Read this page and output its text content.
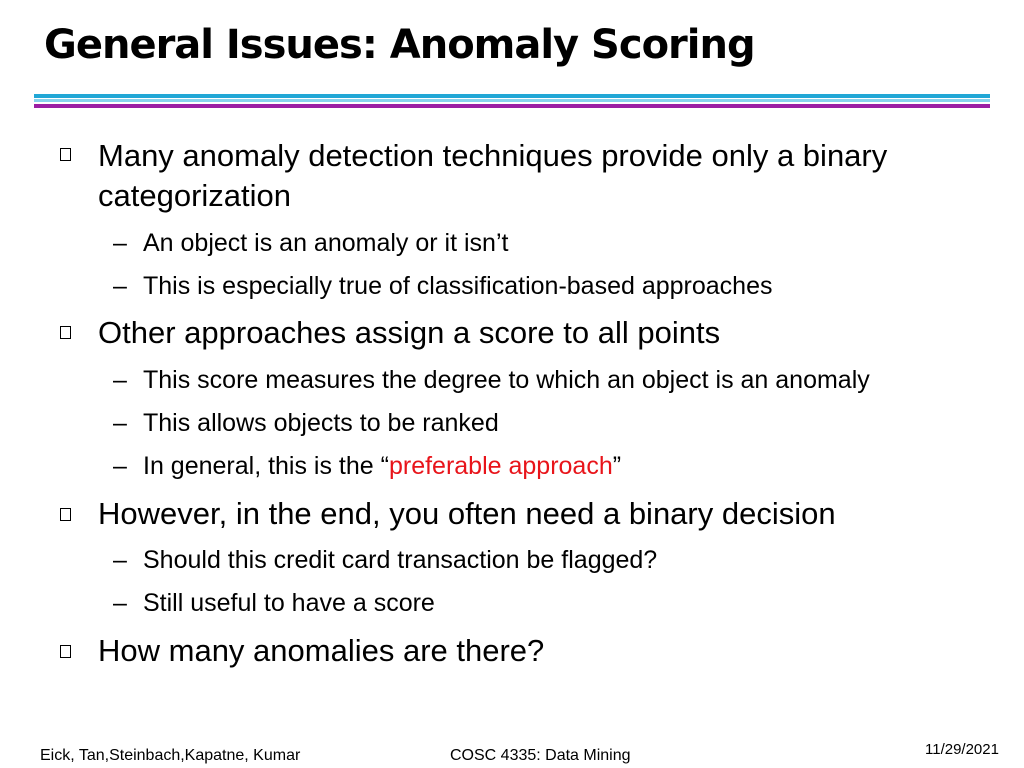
General Issues: Anomaly Scoring
Many anomaly detection techniques provide only a binary categorization
– An object is an anomaly or it isn’t
– This is especially true of classification-based approaches
Other approaches assign a score to all points
– This score measures the degree to which an object is an anomaly
– This allows objects to be ranked
– In general, this is the “preferable approach”
However, in the end, you often need a binary decision
– Should this credit card transaction be flagged?
– Still useful to have a score
How many anomalies are there?
Eick, Tan,Steinbach,Kapatne, Kumar	COSC 4335: Data Mining	11/29/2021
